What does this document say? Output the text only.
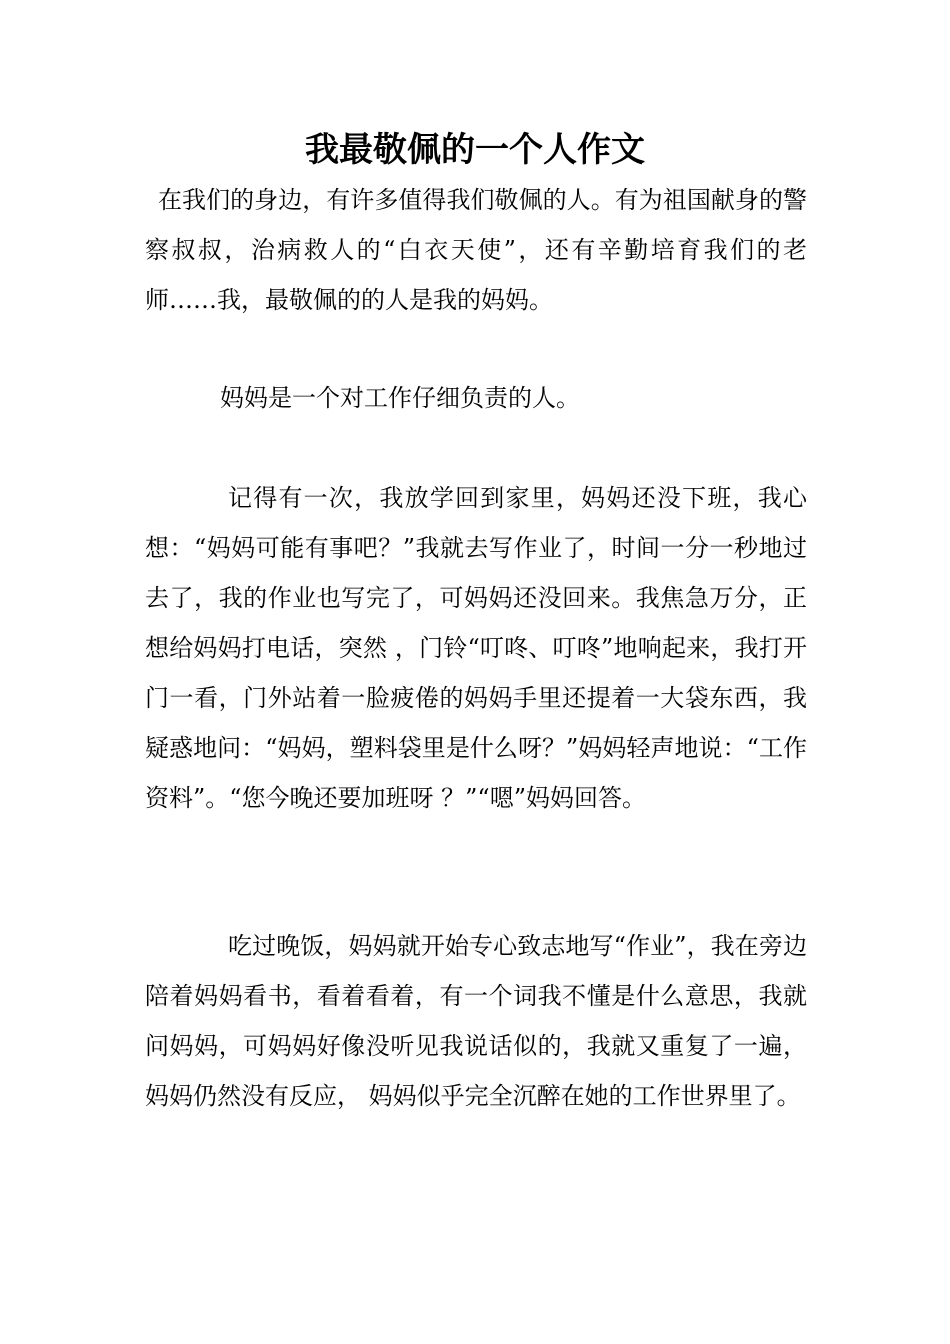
我最敬佩的一个人作文

在我们的身边，有许多值得我们敬佩的人。有为祖国献身的警察叔叔，治病救人的“白衣天使”，还有辛勤培育我们的老师……我，最敬佩的的人是我的妈妈。

妈妈是一个对工作仔细负责的人。

记得有一次，我放学回到家里，妈妈还没下班，我心想：“妈妈可能有事吧？”我就去写作业了，时间一分一秒地过去了，我的作业也写完了，可妈妈还没回来。我焦急万分，正想给妈妈打电话，突然 ，门铃“叮咚、叮咚”地响起来，我打开门一看，门外站着一脸疲倦的妈妈手里还提着一大袋东西，我疑惑地问：“妈妈，塑料袋里是什么呀？”妈妈轻声地说：“工作资料”。“您今晚还要加班呀 ？”“嗯”妈妈回答。

吃过晚饭，妈妈就开始专心致志地写“作业”，我在旁边陪着妈妈看书，看着看着，有一个词我不懂是什么意思，我就问妈妈，可妈妈好像没听见我说话似的，我就又重复了一遍，妈妈仍然没有反应， 妈妈似乎完全沉醉在她的工作世界里了。
